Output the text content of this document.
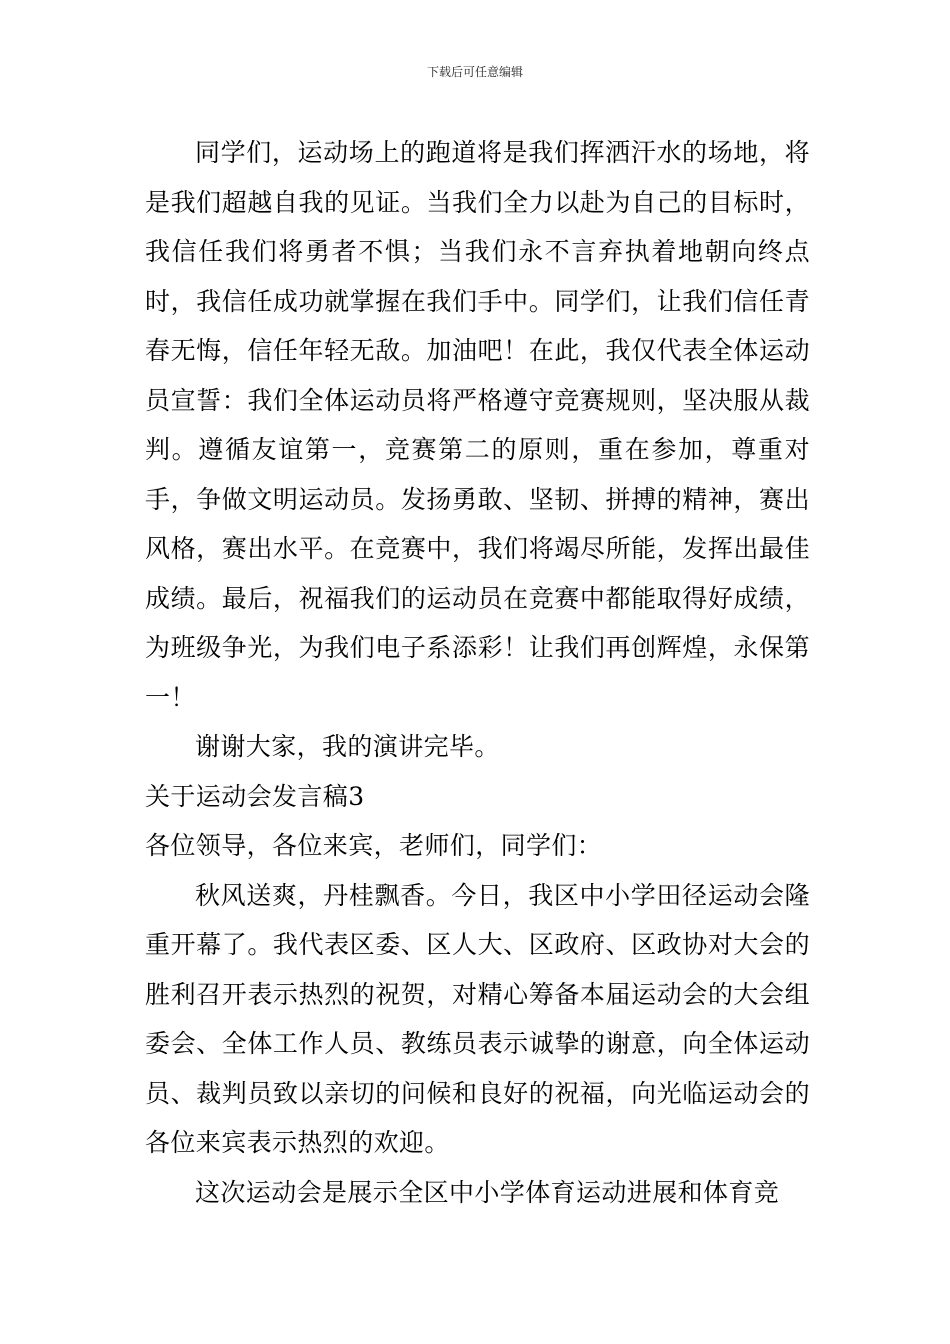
下载后可任意编辑

同学们，运动场上的跑道将是我们挥洒汗水的场地，将是我们超越自我的见证。当我们全力以赴为自己的目标时，我信任我们将勇者不惧；当我们永不言弃执着地朝向终点时，我信任成功就掌握在我们手中。同学们，让我们信任青春无悔，信任年轻无敌。加油吧！在此，我仅代表全体运动员宣誓：我们全体运动员将严格遵守竞赛规则，坚决服从裁判。遵循友谊第一，竞赛第二的原则，重在参加，尊重对手，争做文明运动员。发扬勇敢、坚韧、拼搏的精神，赛出风格，赛出水平。在竞赛中，我们将竭尽所能，发挥出最佳成绩。最后，祝福我们的运动员在竞赛中都能取得好成绩，为班级争光，为我们电子系添彩！让我们再创辉煌，永保第一！

谢谢大家，我的演讲完毕。

关于运动会发言稿3

各位领导，各位来宾，老师们，同学们：

秋风送爽，丹桂飘香。今日，我区中小学田径运动会隆重开幕了。我代表区委、区人大、区政府、区政协对大会的胜利召开表示热烈的祝贺，对精心筹备本届运动会的大会组委会、全体工作人员、教练员表示诚挚的谢意，向全体运动员、裁判员致以亲切的问候和良好的祝福，向光临运动会的各位来宾表示热烈的欢迎。

这次运动会是展示全区中小学体育运动进展和体育竞
